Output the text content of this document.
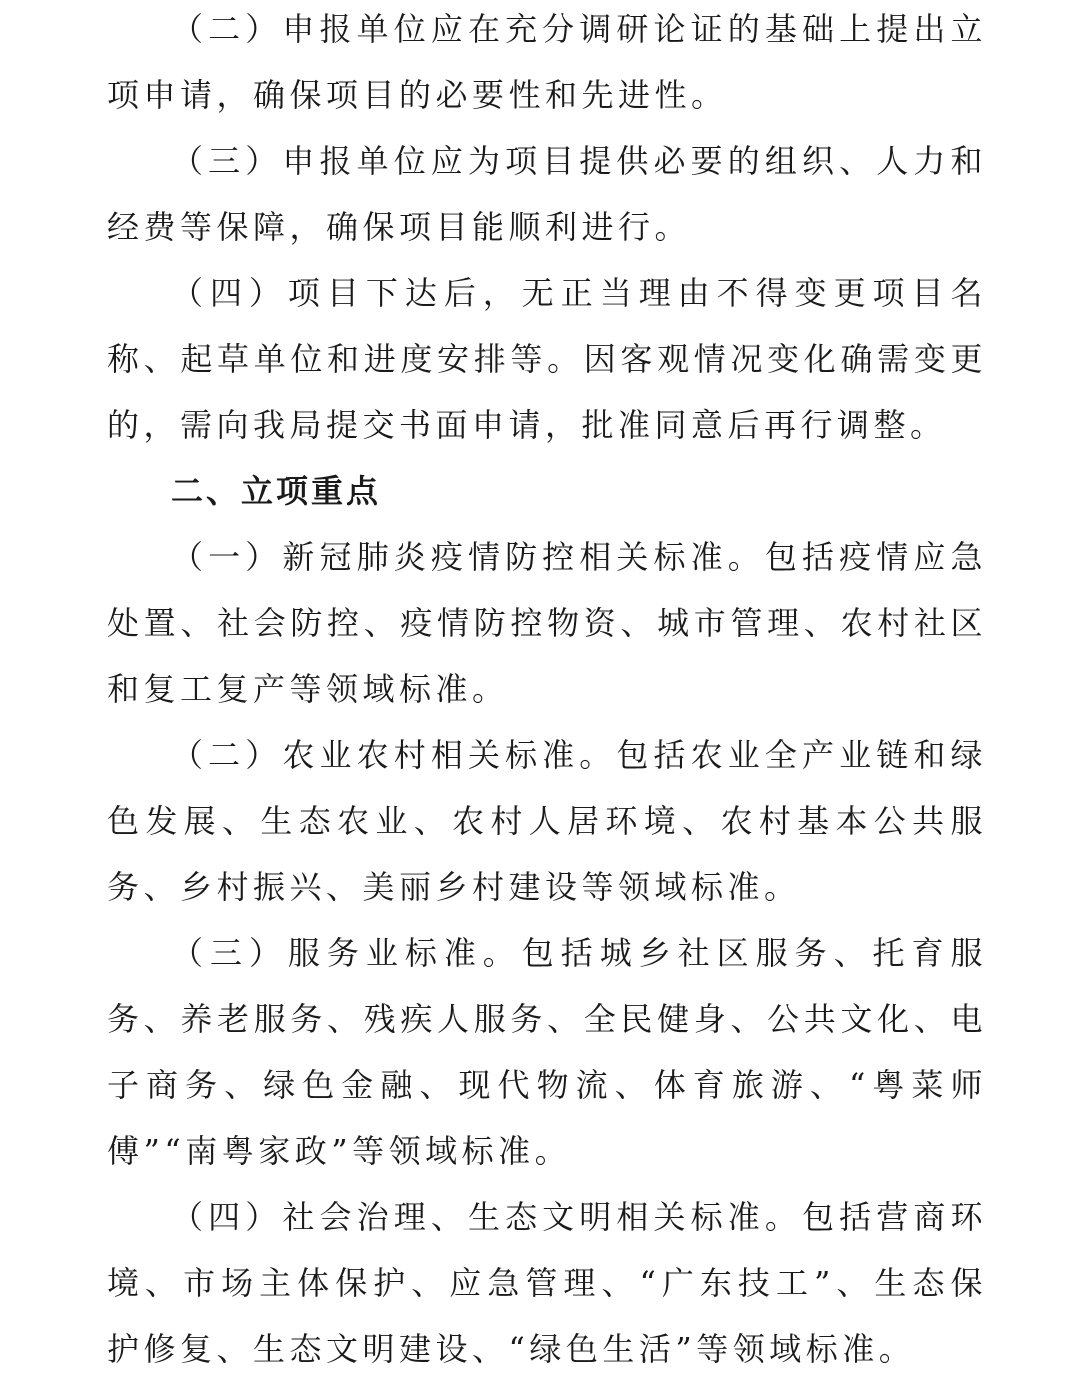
（二）申报单位应在充分调研论证的基础上提出立项申请，确保项目的必要性和先进性。

（三）申报单位应为项目提供必要的组织、人力和经费等保障，确保项目能顺利进行。

（四）项目下达后，无正当理由不得变更项目名称、起草单位和进度安排等。因客观情况变化确需变更的，需向我局提交书面申请，批准同意后再行调整。

二、立项重点

（一）新冠肺炎疫情防控相关标准。包括疫情应急处置、社会防控、疫情防控物资、城市管理、农村社区和复工复产等领域标准。

（二）农业农村相关标准。包括农业全产业链和绿色发展、生态农业、农村人居环境、农村基本公共服务、乡村振兴、美丽乡村建设等领域标准。

（三）服务业标准。包括城乡社区服务、托育服务、养老服务、残疾人服务、全民健身、公共文化、电子商务、绿色金融、现代物流、体育旅游、“粤菜师傅”“南粤家政”等领域标准。

（四）社会治理、生态文明相关标准。包括营商环境、市场主体保护、应急管理、“广东技工”、生态保护修复、生态文明建设、“绿色生活”等领域标准。
